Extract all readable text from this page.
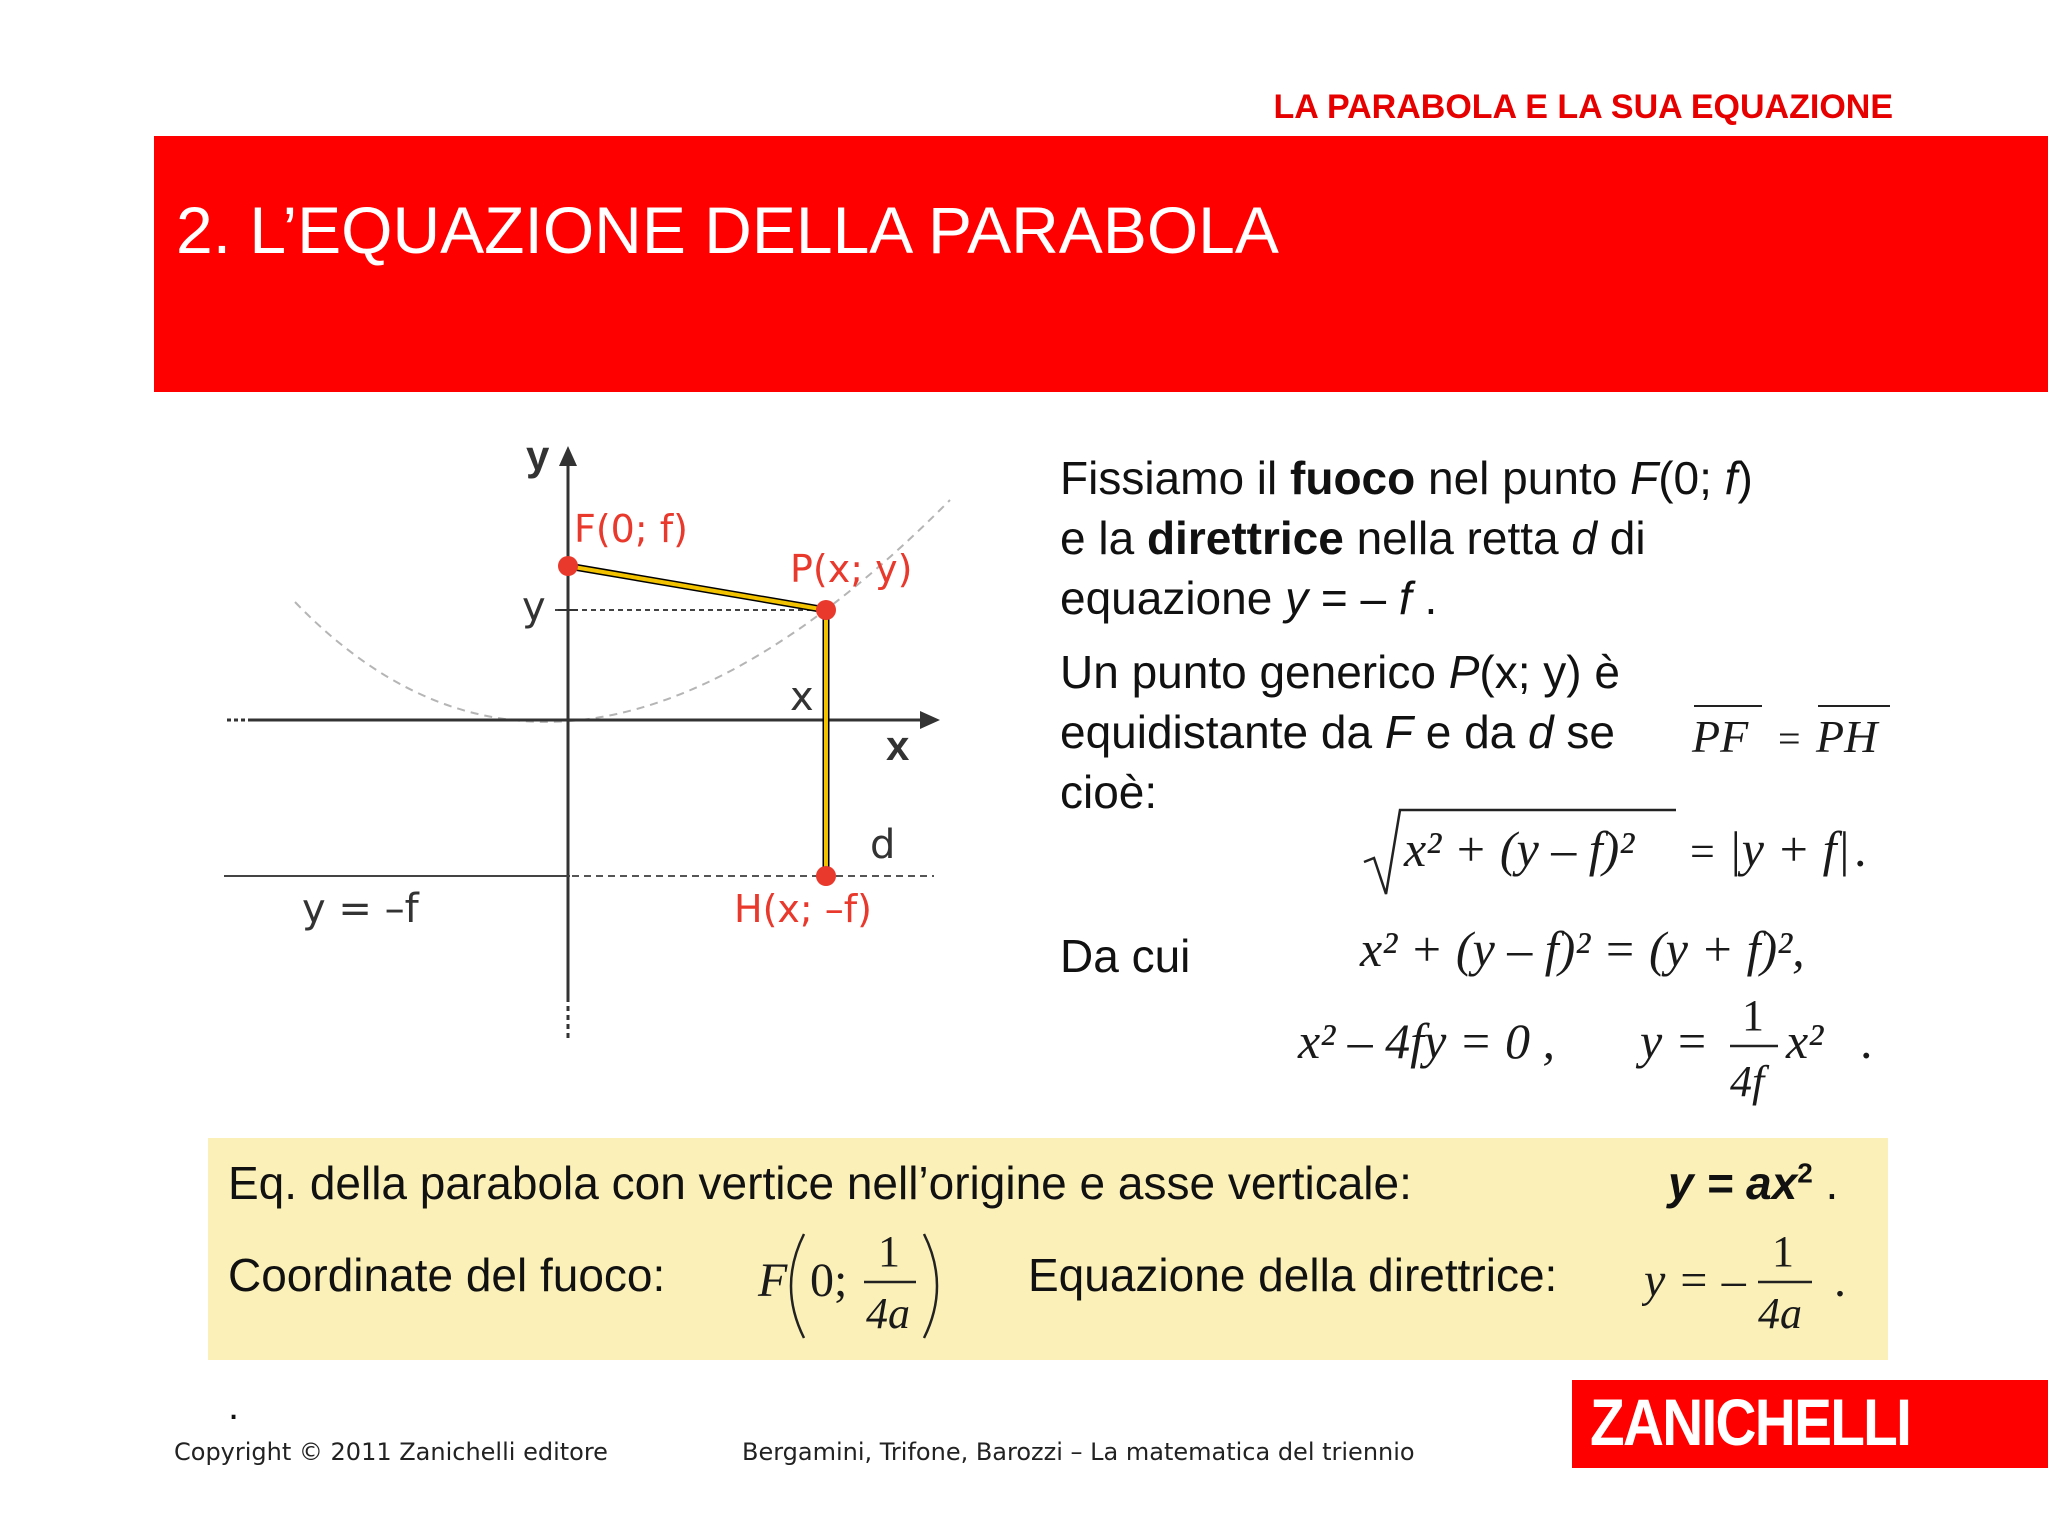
LA PARABOLA E LA SUA EQUAZIONE
2. L’EQUAZIONE DELLA PARABOLA
y
x
F(0; f)
P(x; y)
H(x; –f)
y
x
d
y = –f
Fissiamo il fuoco nel punto F(0; f)
e la direttrice nella retta d di
equazione y = – f .
Un punto generico P(x; y) è
equidistante da F e da d se
cioè:
Da cui
PF = PH
x² + (y – f)² = |y + f| .
x² + (y – f)² = (y + f)²,
x² – 4fy = 0 , y = 1
4f
x² .
Eq. della parabola con vertice nell’origine e asse verticale:	$y = ax^2$ .
Coordinate del fuoco: F 0;
1
4a
Equazione della direttrice: y = –
1
4a
.
.
Copyright © 2011 Zanichelli editore	Bergamini, Trifone, Barozzi – La matematica del triennio	ZANICHELLI
